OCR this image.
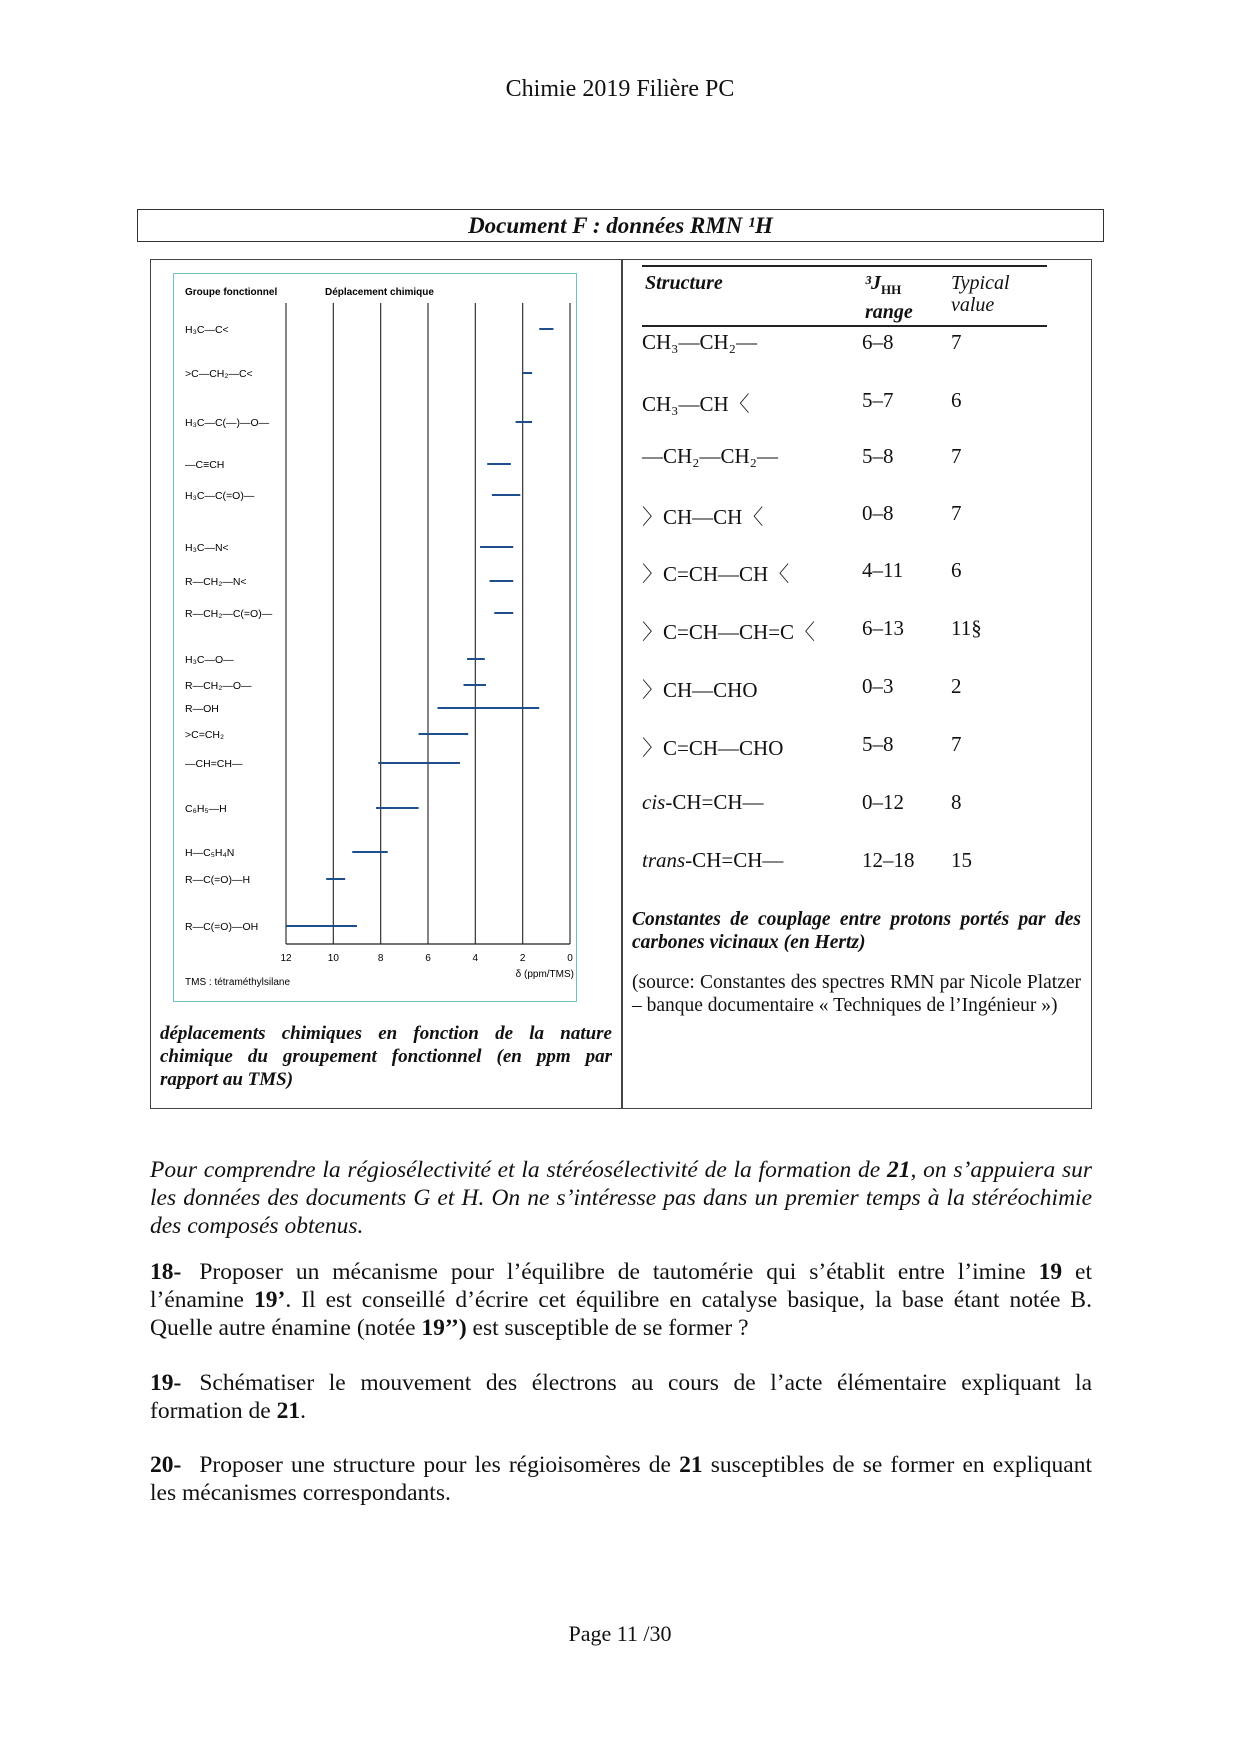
Chimie 2019 Filière PC
Document F : données RMN ¹H
Groupe fonctionnel	Déplacement chimique
12	10	8	6	4	2	0
δ (ppm/TMS)
TMS : tétraméthylsilane
H₃C—C<
>C—CH₂—C<
H₃C—C(—)—O—
—C≡CH
H₃C—C(=O)—
H₃C—N<
R—CH₂—N<
R—CH₂—C(=O)—
H₃C—O—
R—CH₂—O—
R—OH
>C=CH₂
—CH=CH—
C₆H₅—H
H—C₅H₄N
R—C(=O)—H
R—C(=O)—OH
déplacements chimiques en fonction de la nature chimique du groupement fonctionnel (en ppm par rapport au TMS)
Structure	$^3J_{HH}$
range
Typical
value
CH₃—CH₂—	6–8	7
CH₃—CH〈	5–7	6
—CH₂—CH₂—	5–8	7
〉CH—CH〈	0–8	7
〉C=CH—CH〈	4–11 6
〉C=CH—CH=C〈 6–13 11§
〉CH—CHO	0–3	2
〉C=CH—CHO	5–8	7
cis-CH=CH—	0–12 8
trans-CH=CH—	12–18 15
Constantes de couplage entre protons portés par des carbones vicinaux (en Hertz)
(source: Constantes des spectres RMN par Nicole Platzer – banque documentaire « Techniques de l’Ingénieur »)
Pour comprendre la régiosélectivité et la stéréosélectivité de la formation de 21, on s’appuiera sur les données des documents G et H. On ne s’intéresse pas dans un premier temps à la stéréochimie des composés obtenus.
18- Proposer un mécanisme pour l’équilibre de tautomérie qui s’établit entre l’imine 19 et l’énamine 19’. Il est conseillé d’écrire cet équilibre en catalyse basique, la base étant notée B. Quelle autre énamine (notée 19’’) est susceptible de se former ?
19- Schématiser le mouvement des électrons au cours de l’acte élémentaire expliquant la formation de 21.
20- Proposer une structure pour les régioisomères de 21 susceptibles de se former en expliquant les mécanismes correspondants.
Page 11 /30
